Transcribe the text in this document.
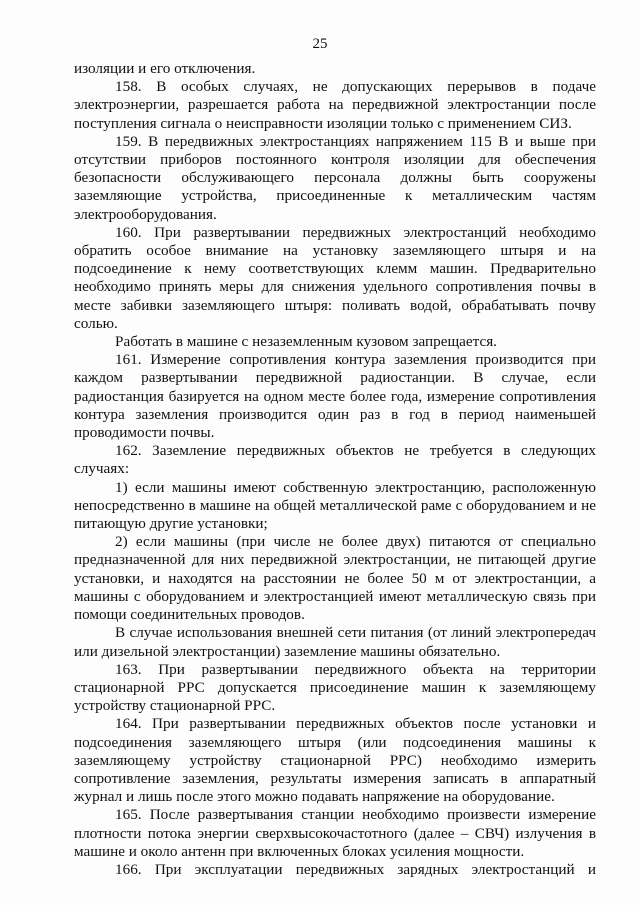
25

изоляции и его отключения.

158. В особых случаях, не допускающих перерывов в подаче электроэнергии, разрешается работа на передвижной электростанции после поступления сигнала о неисправности изоляции только с применением СИЗ.

159. В передвижных электростанциях напряжением 115 В и выше при отсутствии приборов постоянного контроля изоляции для обеспечения безопасности обслуживающего персонала должны быть сооружены заземляющие устройства, присоединенные к металлическим частям электрооборудования.

160. При развертывании передвижных электростанций необходимо обратить особое внимание на установку заземляющего штыря и на подсоединение к нему соответствующих клемм машин. Предварительно необходимо принять меры для снижения удельного сопротивления почвы в месте забивки заземляющего штыря: поливать водой, обрабатывать почву солью.

Работать в машине с незаземленным кузовом запрещается.

161. Измерение сопротивления контура заземления производится при каждом развертывании передвижной радиостанции. В случае, если радиостанция базируется на одном месте более года, измерение сопротивления контура заземления производится один раз в год в период наименьшей проводимости почвы.

162. Заземление передвижных объектов не требуется в следующих случаях:

1) если машины имеют собственную электростанцию, расположенную непосредственно в машине на общей металлической раме с оборудованием и не питающую другие установки;

2) если машины (при числе не более двух) питаются от специально предназначенной для них передвижной электростанции, не питающей другие установки, и находятся на расстоянии не более 50 м от электростанции, а машины с оборудованием и электростанцией имеют металлическую связь при помощи соединительных проводов.

В случае использования внешней сети питания (от линий электропередач или дизельной электростанции) заземление машины обязательно.

163. При развертывании передвижного объекта на территории стационарной РРС допускается присоединение машин к заземляющему устройству стационарной РРС.

164. При развертывании передвижных объектов после установки и подсоединения заземляющего штыря (или подсоединения машины к заземляющему устройству стационарной РРС) необходимо измерить сопротивление заземления, результаты измерения записать в аппаратный журнал и лишь после этого можно подавать напряжение на оборудование.

165. После развертывания станции необходимо произвести измерение плотности потока энергии сверхвысокочастотного (далее – СВЧ) излучения в машине и около антенн при включенных блоках усиления мощности.

166. При эксплуатации передвижных зарядных электростанций и
